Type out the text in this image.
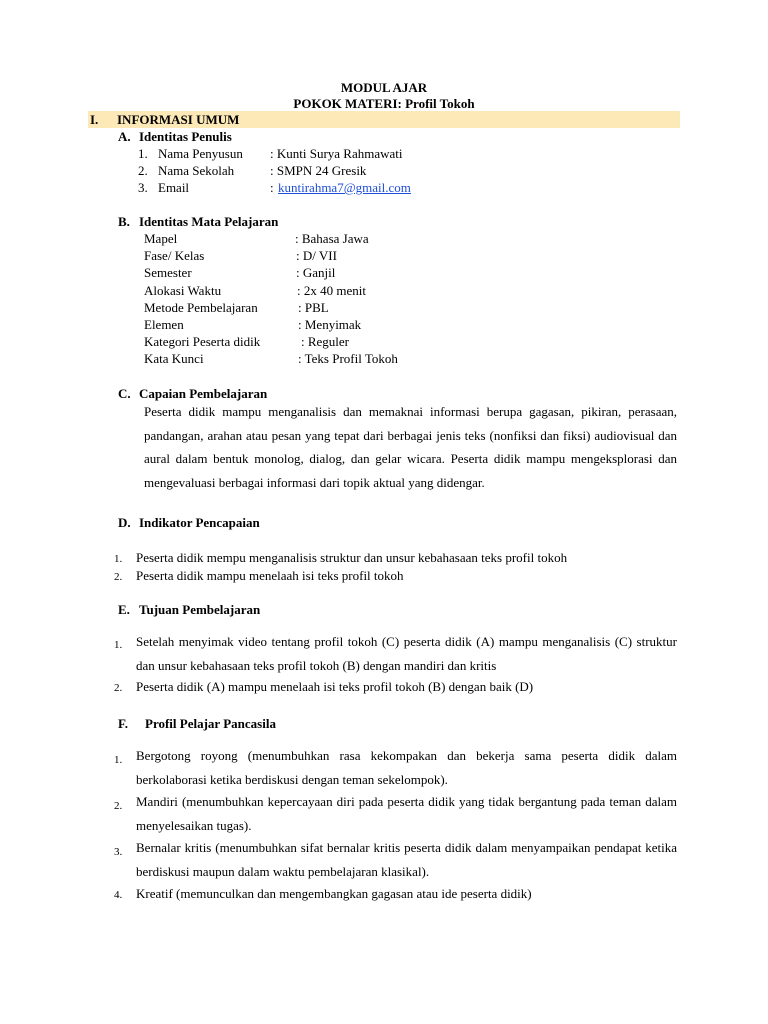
MODUL AJAR
POKOK MATERI: Profil Tokoh
I. INFORMASI UMUM
A. Identitas Penulis
1. Nama Penyusun : Kunti Surya Rahmawati
2. Nama Sekolah	: SMPN 24 Gresik
3. Email	: kuntirahma7@gmail.com
B. Identitas Mata Pelajaran
Mapel	: Bahasa Jawa
Fase/ Kelas	: D/ VII
Semester	: Ganjil
Alokasi Waktu	: 2x 40 menit
Metode Pembelajaran	: PBL
Elemen	: Menyimak
Kategori Peserta didik	: Reguler
Kata Kunci	: Teks Profil Tokoh
C. Capaian Pembelajaran
Peserta didik mampu menganalisis dan memaknai informasi berupa gagasan, pikiran, perasaan, pandangan, arahan atau pesan yang tepat dari berbagai jenis teks (nonfiksi dan fiksi) audiovisual dan aural dalam bentuk monolog, dialog, dan gelar wicara. Peserta didik mampu mengeksplorasi dan mengevaluasi berbagai informasi dari topik aktual yang didengar.
D. Indikator Pencapaian
1. Peserta didik mempu menganalisis struktur dan unsur kebahasaan teks profil tokoh
2. Peserta didik mampu menelaah isi teks profil tokoh
E. Tujuan Pembelajaran
1. Setelah menyimak video tentang profil tokoh (C) peserta didik (A) mampu menganalisis (C) struktur dan unsur kebahasaan teks profil tokoh (B) dengan mandiri dan kritis
2. Peserta didik (A) mampu menelaah isi teks profil tokoh (B) dengan baik (D)
F. Profil Pelajar Pancasila
1. Bergotong royong (menumbuhkan rasa kekompakan dan bekerja sama peserta didik dalam berkolaborasi ketika berdiskusi dengan teman sekelompok).
2. Mandiri (menumbuhkan kepercayaan diri pada peserta didik yang tidak bergantung pada teman dalam menyelesaikan tugas).
3. Bernalar kritis (menumbuhkan sifat bernalar kritis peserta didik dalam menyampaikan pendapat ketika berdiskusi maupun dalam waktu pembelajaran klasikal).
4. Kreatif (memunculkan dan mengembangkan gagasan atau ide peserta didik)
